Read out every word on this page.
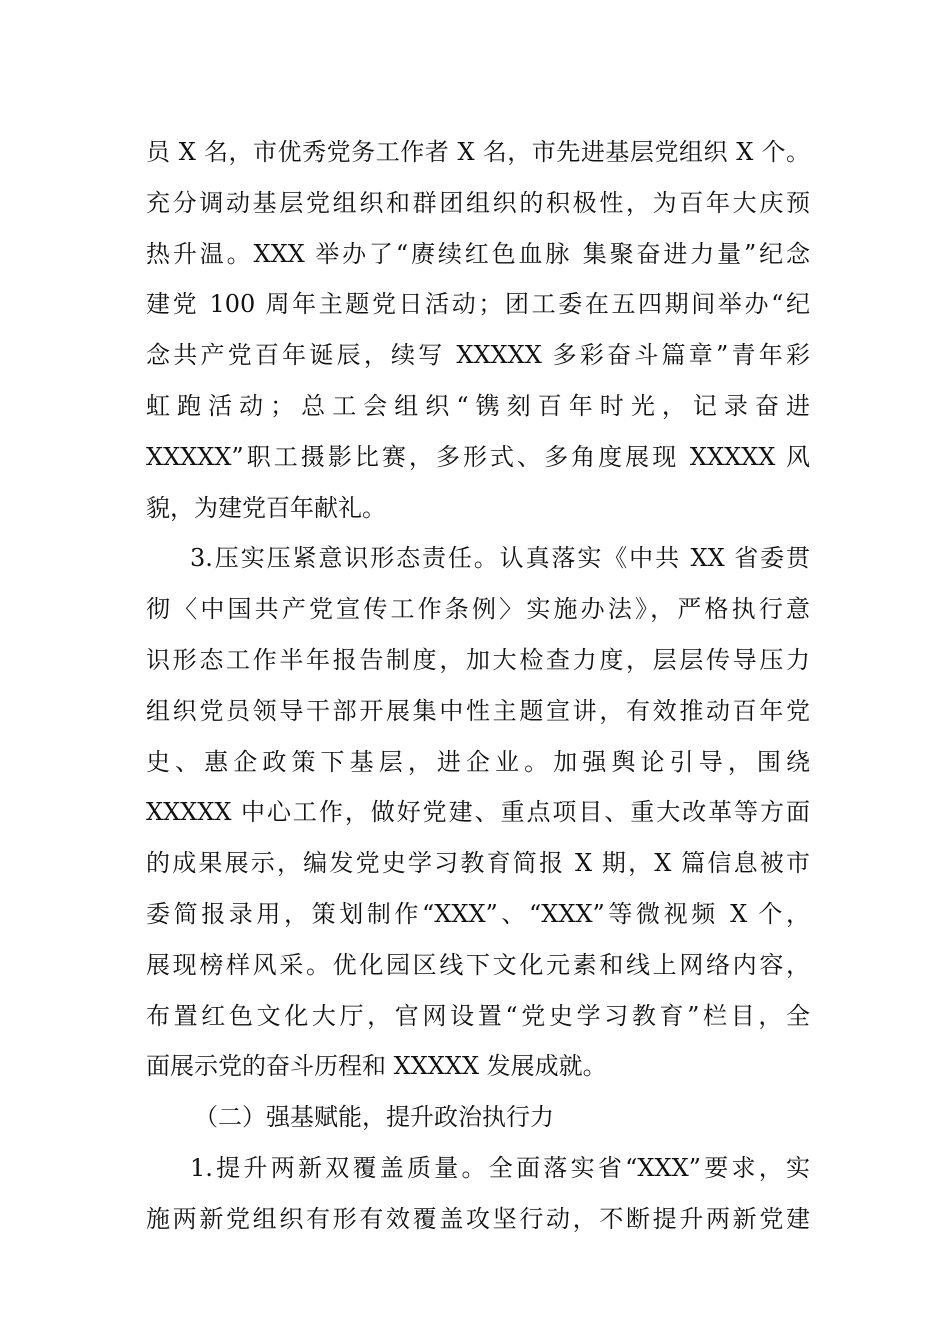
员 X 名，市优秀党务工作者 X 名，市先进基层党组织 X 个。
充分调动基层党组织和群团组织的积极性，为百年大庆预
热升温。XXX 举办了“赓续红色血脉 集聚奋进力量”纪念
建党 100 周年主题党日活动；团工委在五四期间举办“纪
念共产党百年诞辰，续写 XXXXX 多彩奋斗篇章”青年彩
虹跑活动；总工会组织“镌刻百年时光，记录奋进
XXXXX”职工摄影比赛，多形式、多角度展现 XXXXX 风
貌，为建党百年献礼。
3.压实压紧意识形态责任。认真落实《中共 XX 省委贯
彻〈中国共产党宣传工作条例〉实施办法》，严格执行意
识形态工作半年报告制度，加大检查力度，层层传导压力
组织党员领导干部开展集中性主题宣讲，有效推动百年党
史、惠企政策下基层，进企业。加强舆论引导，围绕
XXXXX 中心工作，做好党建、重点项目、重大改革等方面
的成果展示，编发党史学习教育简报 X 期，X 篇信息被市
委简报录用，策划制作“XXX”、“XXX”等微视频 X 个，
展现榜样风采。优化园区线下文化元素和线上网络内容，
布置红色文化大厅，官网设置“党史学习教育”栏目，全
面展示党的奋斗历程和 XXXXX 发展成就。
（二）强基赋能，提升政治执行力
1.提升两新双覆盖质量。全面落实省“XXX”要求，实
施两新党组织有形有效覆盖攻坚行动，不断提升两新党建
